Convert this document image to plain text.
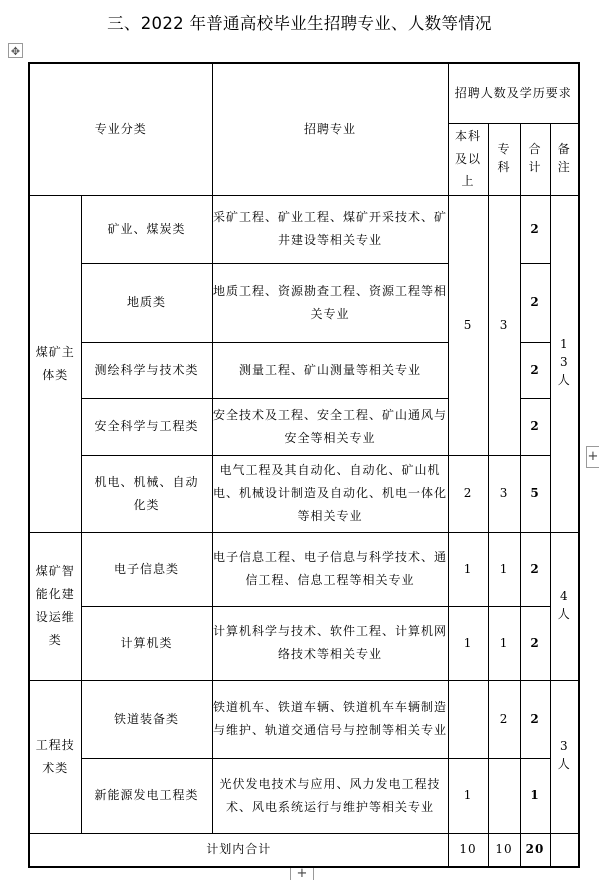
三、2022 年普通高校毕业生招聘专业、人数等情况
✥
+
+
专业分类		招聘专业	招聘人数及学历要求			
			本科及以上	专科	合计	备注
煤矿主体类	矿业、煤炭类	采矿工程、矿业工程、煤矿开采技术、矿井建设等相关专业	5	3	2	13 人
	地质类	地质工程、资源勘查工程、资源工程等相关专业			2	
	测绘科学与技术类	测量工程、矿山测量等相关专业			2	
	安全科学与工程类	安全技术及工程、安全工程、矿山通风与安全等相关专业			2	
	机电、机械、自动化类	电气工程及其自动化、自动化、矿山机电、机械设计制造及自动化、机电一体化等相关专业	2	3	5	
煤矿智能化建设运维类	电子信息类	电子信息工程、电子信息与科学技术、通信工程、信息工程等相关专业	1	1	2	4 人
	计算机类	计算机科学与技术、软件工程、计算机网络技术等相关专业	1	1	2	
工程技术类	铁道装备类	铁道机车、铁道车辆、铁道机车车辆制造与维护、轨道交通信号与控制等相关专业		2	2	3 人
	新能源发电工程类	光伏发电技术与应用、风力发电工程技术、风电系统运行与维护等相关专业	1		1	
计划内合计			10	10	20	
